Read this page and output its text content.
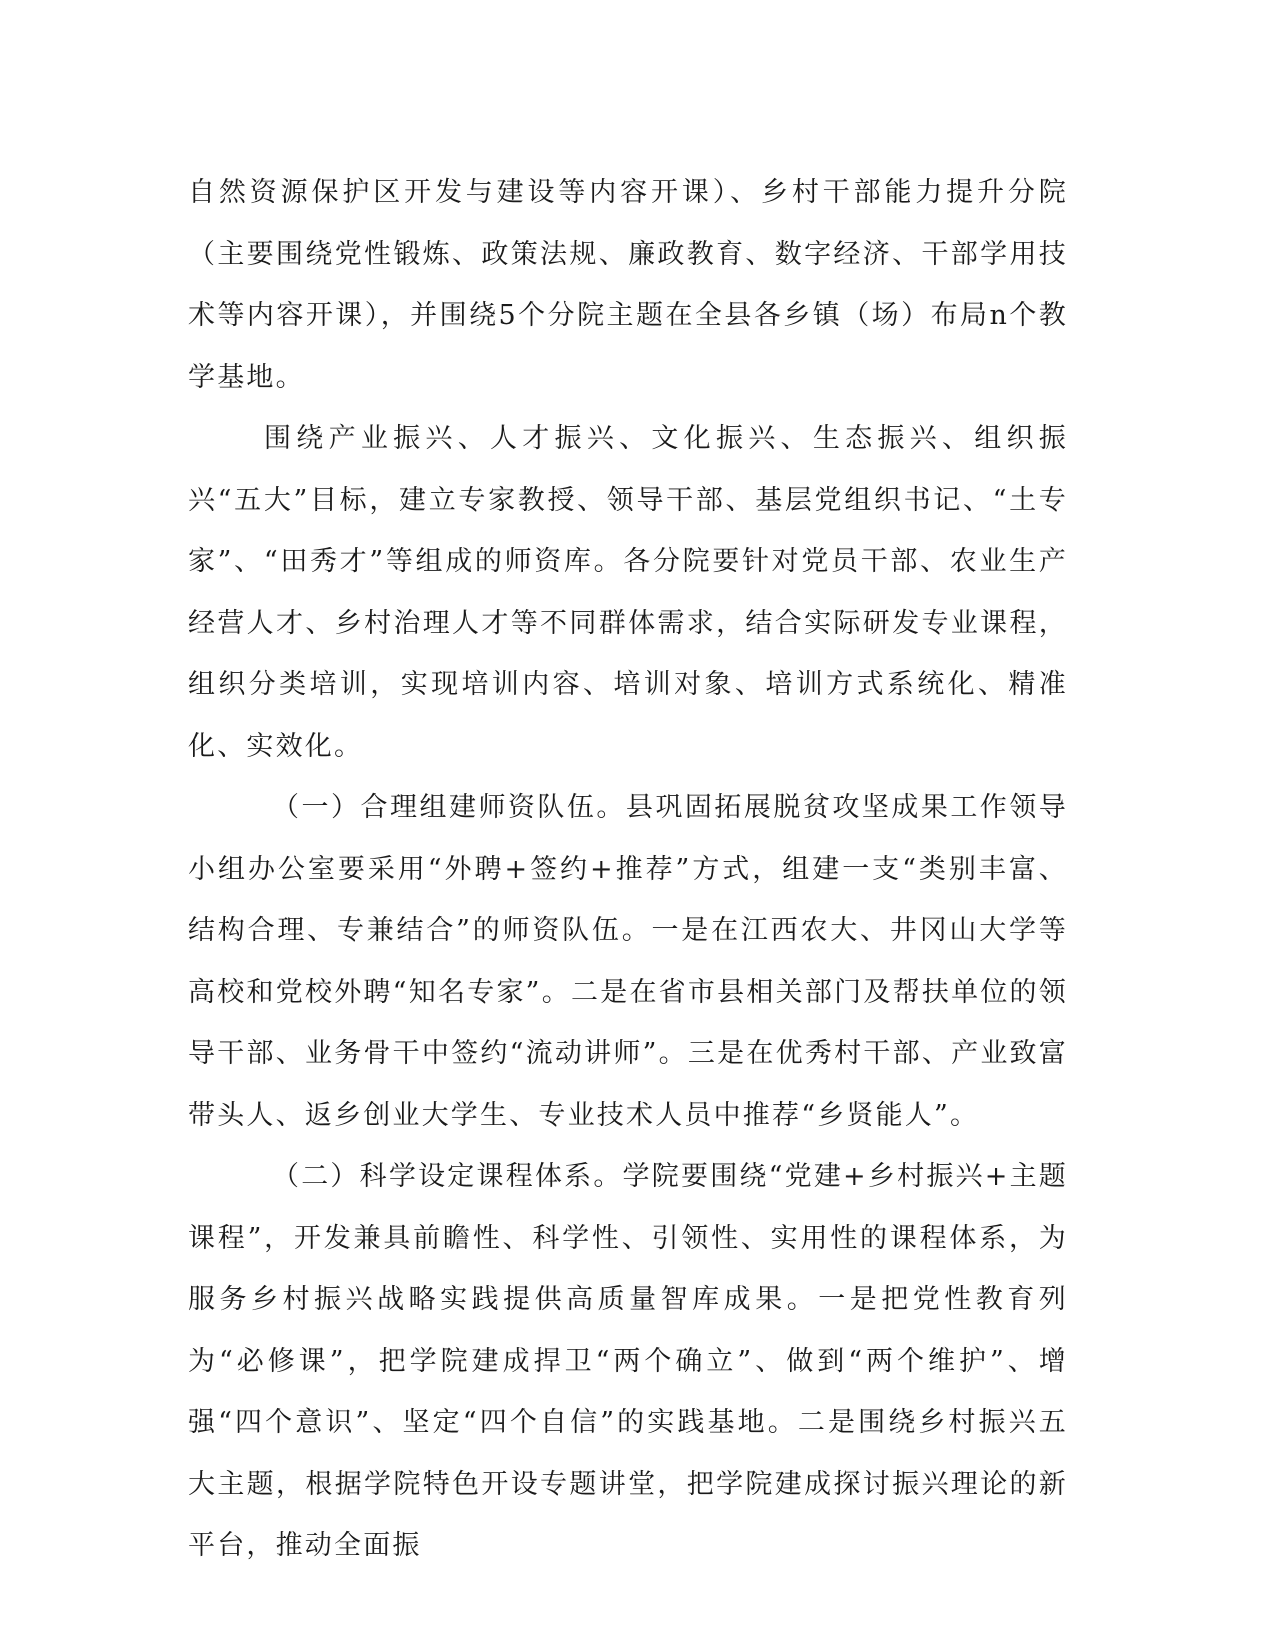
自然资源保护区开发与建设等内容开课）、乡村干部能力提升分院（主要围绕党性锻炼、政策法规、廉政教育、数字经济、干部学用技术等内容开课），并围绕5个分院主题在全县各乡镇（场）布局n个教学基地。

围绕产业振兴、人才振兴、文化振兴、生态振兴、组织振兴“五大”目标，建立专家教授、领导干部、基层党组织书记、“土专家”、“田秀才”等组成的师资库。各分院要针对党员干部、农业生产经营人才、乡村治理人才等不同群体需求，结合实际研发专业课程，组织分类培训，实现培训内容、培训对象、培训方式系统化、精准化、实效化。

（一）合理组建师资队伍。县巩固拓展脱贫攻坚成果工作领导小组办公室要采用“外聘+签约+推荐”方式，组建一支“类别丰富、结构合理、专兼结合”的师资队伍。一是在江西农大、井冈山大学等高校和党校外聘“知名专家”。二是在省市县相关部门及帮扶单位的领导干部、业务骨干中签约“流动讲师”。三是在优秀村干部、产业致富带头人、返乡创业大学生、专业技术人员中推荐“乡贤能人”。

（二）科学设定课程体系。学院要围绕“党建+乡村振兴+主题课程”，开发兼具前瞻性、科学性、引领性、实用性的课程体系，为服务乡村振兴战略实践提供高质量智库成果。一是把党性教育列为“必修课”，把学院建成捍卫“两个确立”、做到“两个维护”、增强“四个意识”、坚定“四个自信”的实践基地。二是围绕乡村振兴五大主题，根据学院特色开设专题讲堂，把学院建成探讨振兴理论的新平台，推动全面振
